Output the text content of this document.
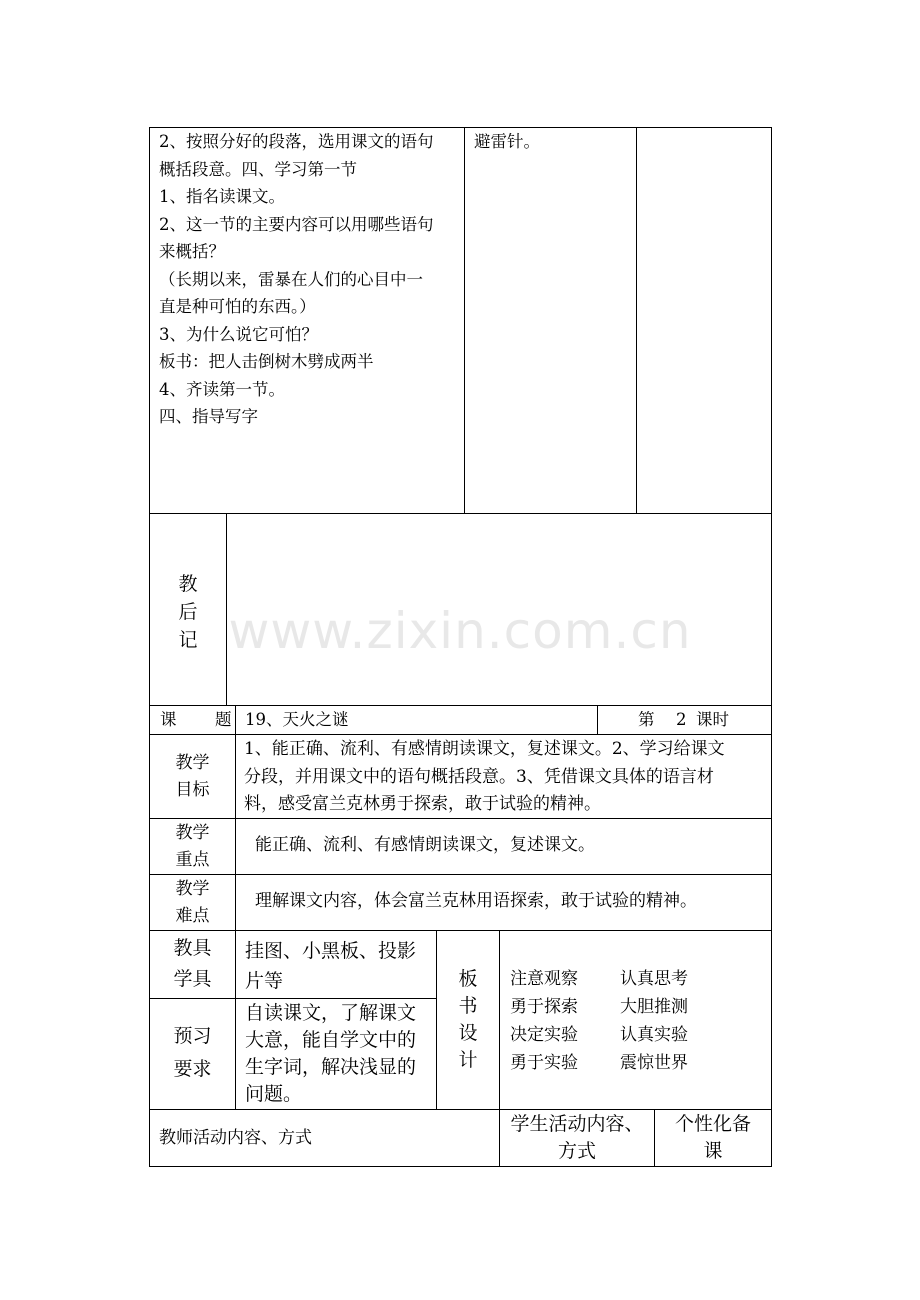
2、按照分好的段落，选用课文的语句
概括段意。四、学习第一节
1、指名读课文。
2、这一节的主要内容可以用哪些语句
来概括？
（长期以来，雷暴在人们的心目中一
直是种可怕的东西。）
3、为什么说它可怕？
板书：把人击倒树木劈成两半
4、齐读第一节。
四、指导写字
避雷针。
教
后
记 www.zixin.com.cn
课 题 19、天火之谜	第 2 课时
教学
目标
1、能正确、流利、有感情朗读课文，复述课文。2、学习给课文
分段，并用课文中的语句概括段意。3、凭借课文具体的语言材
料，感受富兰克林勇于探索，敢于试验的精神。
教学
重点
能正确、流利、有感情朗读课文，复述课文。
教学
难点
理解课文内容，体会富兰克林用语探索，敢于试验的精神。
教具
学具
挂图、小黑板、投影
片等
预习
要求
自读课文，了解课文
大意，能自学文中的
生字词，解决浅显的
问题。
板
书
设
计
注意观察 认真思考
勇于探索 大胆推测
决定实验 认真实验
勇于实验 震惊世界
教师活动内容、方式
学生活动内容、
方式
个性化备
课
